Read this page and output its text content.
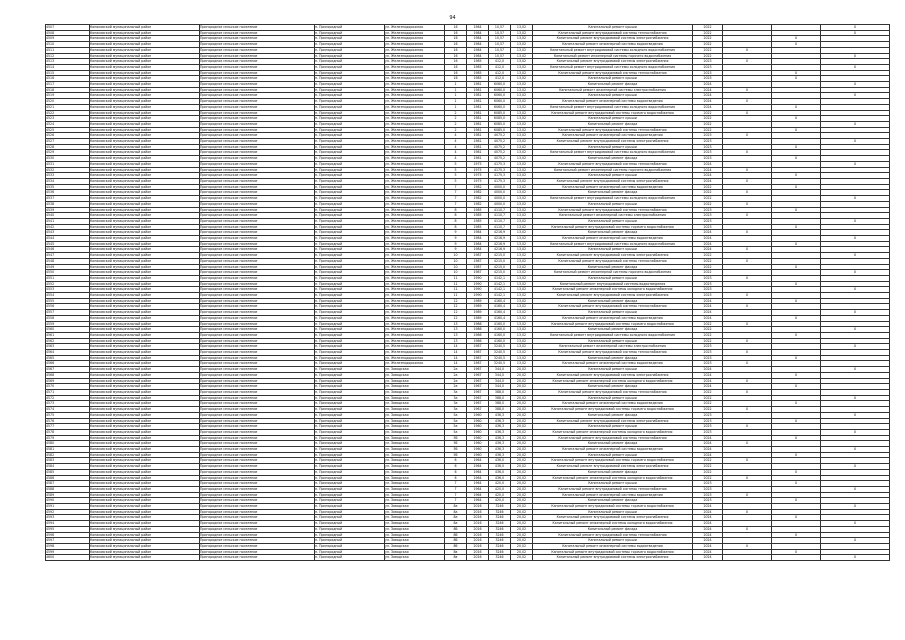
94
4507	Конаковский муниципальный район	Пригородное сельское поселение	п. Пригородный	ул. Железнодорожная	16	1984	10,57	13,02	Капитальный ремонт крыши	2022			X
4508	Конаковский муниципальный район	Пригородное сельское поселение	п. Пригородный	ул. Железнодорожная	16	1984	10,57	13,02	Капитальный ремонт внутридомовой системы теплоснабжения	2022			X
4509	Конаковский муниципальный район	Пригородное сельское поселение	п. Пригородный	ул. Железнодорожная	16	1984	10,57	13,02	Капитальный ремонт внутридомовой системы электроснабжения	2022		X	
4510	Конаковский муниципальный район	Пригородное сельское поселение	п. Пригородный	ул. Железнодорожная	16	1984	10,57	13,02	Капитальный ремонт инженерной системы водоотведения	2022		X	
4511	Конаковский муниципальный район	Пригородное сельское поселение	п. Пригородный	ул. Железнодорожная	16	1984	10,57	13,02	Капитальный ремонт внутридомовой системы холодного водоснабжения	2022	X		
4512	Конаковский муниципальный район	Пригородное сельское поселение	п. Пригородный	ул. Железнодорожная	16	1984	10,57	13,02	Капитальный ремонт инженерной системы горячего водоснабжения	2022			X
4513	Конаковский муниципальный район	Пригородное сельское поселение	п. Пригородный	ул. Железнодорожная	16	1985	412,0	13,02	Капитальный ремонт внутридомовой системы электроснабжения	2023	X		
4514	Конаковский муниципальный район	Пригородное сельское поселение	п. Пригородный	ул. Железнодорожная	16	1985	412,0	13,02	Капитальный ремонт внутридомовой системы холодного водоснабжения	2023			X
4515	Конаковский муниципальный район	Пригородное сельское поселение	п. Пригородный	ул. Железнодорожная	16	1985	412,0	13,02	Капитальный ремонт внутридомовой системы теплоснабжения	2023		X	
4516	Конаковский муниципальный район	Пригородное сельское поселение	п. Пригородный	ул. Железнодорожная	16	1985	412,0	13,02	Капитальный ремонт крыши	2023		X	
4517	Конаковский муниципальный район	Пригородное сельское поселение	п. Пригородный	ул. Железнодорожная	1	1981	6060,0	13,02	Капитальный ремонт фасада	2024			X
4518	Конаковский муниципальный район	Пригородное сельское поселение	п. Пригородный	ул. Железнодорожная	1	1981	6060,0	13,02	Капитальный ремонт инженерной системы электроснабжения	2024	X		
4519	Конаковский муниципальный район	Пригородное сельское поселение	п. Пригородный	ул. Железнодорожная	1	1981	6060,0	13,02	Капитальный ремонт крыши	2024			X
4520	Конаковский муниципальный район	Пригородное сельское поселение	п. Пригородный	ул. Железнодорожная	1	1981	6060,0	13,02	Капитальный ремонт инженерной системы водоотведения	2024	X		
4521	Конаковский муниципальный район	Пригородное сельское поселение	п. Пригородный	ул. Железнодорожная	1	1981	6060,0	13,02	Капитальный ремонт внутридомовой системы холодного водоснабжения	2024		X	
4522	Конаковский муниципальный район	Пригородное сельское поселение	п. Пригородный	ул. Железнодорожная	2	1981	6085,0	13,02	Капитальный ремонт внутридомовой системы горячего водоснабжения	2022	X		
4523	Конаковский муниципальный район	Пригородное сельское поселение	п. Пригородный	ул. Железнодорожная	2	1981	6085,0	13,02	Капитальный ремонт крыши	2022		X	
4524	Конаковский муниципальный район	Пригородное сельское поселение	п. Пригородный	ул. Железнодорожная	2	1981	6085,0	13,02	Капитальный ремонт фасада	2022			X
4525	Конаковский муниципальный район	Пригородное сельское поселение	п. Пригородный	ул. Железнодорожная	2	1981	6085,0	13,02	Капитальный ремонт внутридомовой системы теплоснабжения	2022		X	
4526	Конаковский муниципальный район	Пригородное сельское поселение	п. Пригородный	ул. Железнодорожная	4	1981	4075,2	13,02	Капитальный ремонт инженерной системы водоотведения	2023	X		
4527	Конаковский муниципальный район	Пригородное сельское поселение	п. Пригородный	ул. Железнодорожная	4	1981	4075,2	13,02	Капитальный ремонт внутридомовой системы электроснабжения	2023			X
4528	Конаковский муниципальный район	Пригородное сельское поселение	п. Пригородный	ул. Железнодорожная	4	1981	4075,2	13,02	Капитальный ремонт крыши	2023		X	
4529	Конаковский муниципальный район	Пригородное сельское поселение	п. Пригородный	ул. Железнодорожная	4	1981	4075,2	13,02	Капитальный ремонт внутридомовой системы холодного водоснабжения	2023	X		
4530	Конаковский муниципальный район	Пригородное сельское поселение	п. Пригородный	ул. Железнодорожная	4	1981	4075,2	13,02	Капитальный ремонт фасада	2023		X	
4531	Конаковский муниципальный район	Пригородное сельское поселение	п. Пригородный	ул. Железнодорожная	5	1975	4175,3	13,02	Капитальный ремонт внутридомовой системы теплоснабжения	2024			X
4532	Конаковский муниципальный район	Пригородное сельское поселение	п. Пригородный	ул. Железнодорожная	5	1975	4175,3	13,02	Капитальный ремонт инженерной системы горячего водоснабжения	2024	X		
4533	Конаковский муниципальный район	Пригородное сельское поселение	п. Пригородный	ул. Железнодорожная	5	1975	4175,3	13,02	Капитальный ремонт крыши	2024		X	
4534	Конаковский муниципальный район	Пригородное сельское поселение	п. Пригородный	ул. Железнодорожная	5	1975	4175,3	13,02	Капитальный ремонт внутридомовой системы электроснабжения	2024	X		
4535	Конаковский муниципальный район	Пригородное сельское поселение	п. Пригородный	ул. Железнодорожная	7	1982	4000,0	13,02	Капитальный ремонт инженерной системы водоотведения	2022		X	
4536	Конаковский муниципальный район	Пригородное сельское поселение	п. Пригородный	ул. Железнодорожная	7	1982	4000,0	13,02	Капитальный ремонт фасада	2022	X		
4537	Конаковский муниципальный район	Пригородное сельское поселение	п. Пригородный	ул. Железнодорожная	7	1982	4000,0	13,02	Капитальный ремонт внутридомовой системы холодного водоснабжения	2022			X
4538	Конаковский муниципальный район	Пригородное сельское поселение	п. Пригородный	ул. Железнодорожная	7	1982	4000,0	13,02	Капитальный ремонт крыши	2022	X		
4539	Конаковский муниципальный район	Пригородное сельское поселение	п. Пригородный	ул. Железнодорожная	8	1985	4110,7	13,02	Капитальный ремонт внутридомовой системы теплоснабжения	2023		X	
4540	Конаковский муниципальный район	Пригородное сельское поселение	п. Пригородный	ул. Железнодорожная	8	1985	4110,7	13,02	Капитальный ремонт инженерной системы электроснабжения	2023	X		
4541	Конаковский муниципальный район	Пригородное сельское поселение	п. Пригородный	ул. Железнодорожная	8	1985	4110,7	13,02	Капитальный ремонт крыши	2023			X
4542	Конаковский муниципальный район	Пригородное сельское поселение	п. Пригородный	ул. Железнодорожная	8	1985	4110,7	13,02	Капитальный ремонт внутридомовой системы горячего водоснабжения	2023		X	
4543	Конаковский муниципальный район	Пригородное сельское поселение	п. Пригородный	ул. Железнодорожная	9	1984	4216,9	13,02	Капитальный ремонт фасада	2024	X		
4544	Конаковский муниципальный район	Пригородное сельское поселение	п. Пригородный	ул. Железнодорожная	9	1984	4216,9	13,02	Капитальный ремонт инженерной системы водоотведения	2024			X
4545	Конаковский муниципальный район	Пригородное сельское поселение	п. Пригородный	ул. Железнодорожная	9	1984	4216,9	13,02	Капитальный ремонт внутридомовой системы холодного водоснабжения	2024		X	
4546	Конаковский муниципальный район	Пригородное сельское поселение	п. Пригородный	ул. Железнодорожная	9	1984	4216,9	13,02	Капитальный ремонт крыши	2024	X		
4547	Конаковский муниципальный район	Пригородное сельское поселение	п. Пригородный	ул. Железнодорожная	10	1987	4215,0	13,02	Капитальный ремонт внутридомовой системы электроснабжения	2022			X
4548	Конаковский муниципальный район	Пригородное сельское поселение	п. Пригородный	ул. Железнодорожная	10	1987	4215,0	13,02	Капитальный ремонт внутридомовой системы теплоснабжения	2022	X		
4549	Конаковский муниципальный район	Пригородное сельское поселение	п. Пригородный	ул. Железнодорожная	10	1987	4215,0	13,02	Капитальный ремонт фасада	2022		X	
4550	Конаковский муниципальный район	Пригородное сельское поселение	п. Пригородный	ул. Железнодорожная	10	1987	4215,0	13,02	Капитальный ремонт инженерной системы горячего водоснабжения	2022			X
4551	Конаковский муниципальный район	Пригородное сельское поселение	п. Пригородный	ул. Железнодорожная	11	1990	4142,1	13,02	Капитальный ремонт крыши	2023	X		
4552	Конаковский муниципальный район	Пригородное сельское поселение	п. Пригородный	ул. Железнодорожная	11	1990	4142,1	13,02	Капитальный ремонт внутридомовой системы водоотведения	2023		X	
4553	Конаковский муниципальный район	Пригородное сельское поселение	п. Пригородный	ул. Железнодорожная	11	1990	4142,1	13,02	Капитальный ремонт инженерной системы холодного водоснабжения	2023			X
4554	Конаковский муниципальный район	Пригородное сельское поселение	п. Пригородный	ул. Железнодорожная	11	1990	4142,1	13,02	Капитальный ремонт внутридомовой системы электроснабжения	2023	X		
4555	Конаковский муниципальный район	Пригородное сельское поселение	п. Пригородный	ул. Железнодорожная	12	1989	4160,4	13,02	Капитальный ремонт фасада	2024		X	
4556	Конаковский муниципальный район	Пригородное сельское поселение	п. Пригородный	ул. Железнодорожная	12	1989	4160,4	13,02	Капитальный ремонт внутридомовой системы теплоснабжения	2024	X		
4557	Конаковский муниципальный район	Пригородное сельское поселение	п. Пригородный	ул. Железнодорожная	12	1989	4160,4	13,02	Капитальный ремонт крыши	2024			X
4558	Конаковский муниципальный район	Пригородное сельское поселение	п. Пригородный	ул. Железнодорожная	12	1989	4160,4	13,02	Капитальный ремонт инженерной системы водоотведения	2024		X	
4559	Конаковский муниципальный район	Пригородное сельское поселение	п. Пригородный	ул. Железнодорожная	13	1986	4160,0	13,02	Капитальный ремонт внутридомовой системы горячего водоснабжения	2022	X		
4560	Конаковский муниципальный район	Пригородное сельское поселение	п. Пригородный	ул. Железнодорожная	13	1986	4160,0	13,02	Капитальный ремонт фасада	2022			X
4561	Конаковский муниципальный район	Пригородное сельское поселение	п. Пригородный	ул. Железнодорожная	13	1986	4160,0	13,02	Капитальный ремонт внутридомовой системы холодного водоснабжения	2022		X	
4562	Конаковский муниципальный район	Пригородное сельское поселение	п. Пригородный	ул. Железнодорожная	13	1986	4160,0	13,02	Капитальный ремонт крыши	2022	X		
4563	Конаковский муниципальный район	Пригородное сельское поселение	п. Пригородный	ул. Железнодорожная	14	1987	3240,5	13,02	Капитальный ремонт инженерной системы электроснабжения	2023			X
4564	Конаковский муниципальный район	Пригородное сельское поселение	п. Пригородный	ул. Железнодорожная	14	1987	3240,5	13,02	Капитальный ремонт внутридомовой системы теплоснабжения	2023	X		
4565	Конаковский муниципальный район	Пригородное сельское поселение	п. Пригородный	ул. Железнодорожная	14	1987	3240,5	13,02	Капитальный ремонт фасада	2023		X	
4566	Конаковский муниципальный район	Пригородное сельское поселение	п. Пригородный	ул. Железнодорожная	14	1987	3240,5	13,02	Капитальный ремонт инженерной системы водоотведения	2023	X		
4567	Конаковский муниципальный район	Пригородное сельское поселение	п. Пригородный	ул. Заводская	2а	1967	344,0	20,02	Капитальный ремонт крыши	2024			X
4568	Конаковский муниципальный район	Пригородное сельское поселение	п. Пригородный	ул. Заводская	2а	1967	344,0	20,02	Капитальный ремонт внутридомовой системы электроснабжения	2024		X	
4569	Конаковский муниципальный район	Пригородное сельское поселение	п. Пригородный	ул. Заводская	2а	1967	344,0	20,02	Капитальный ремонт инженерной системы холодного водоснабжения	2024	X		
4570	Конаковский муниципальный район	Пригородное сельское поселение	п. Пригородный	ул. Заводская	2а	1967	344,0	20,02	Капитальный ремонт фасада	2024		X	
4571	Конаковский муниципальный район	Пригородное сельское поселение	п. Пригородный	ул. Заводская	3а	1967	388,0	20,02	Капитальный ремонт внутридомовой системы теплоснабжения	2022	X		
4572	Конаковский муниципальный район	Пригородное сельское поселение	п. Пригородный	ул. Заводская	3а	1967	388,0	20,02	Капитальный ремонт крыши	2022			X
4573	Конаковский муниципальный район	Пригородное сельское поселение	п. Пригородный	ул. Заводская	3а	1967	388,0	20,02	Капитальный ремонт инженерной системы водоотведения	2022		X	
4574	Конаковский муниципальный район	Пригородное сельское поселение	п. Пригородный	ул. Заводская	3а	1967	388,0	20,02	Капитальный ремонт внутридомовой системы горячего водоснабжения	2022	X		
4575	Конаковский муниципальный район	Пригородное сельское поселение	п. Пригородный	ул. Заводская	5а	1960	436,3	20,02	Капитальный ремонт фасада	2023			X
4576	Конаковский муниципальный район	Пригородное сельское поселение	п. Пригородный	ул. Заводская	5а	1960	436,3	20,02	Капитальный ремонт внутридомовой системы электроснабжения	2023		X	
4577	Конаковский муниципальный район	Пригородное сельское поселение	п. Пригородный	ул. Заводская	5а	1960	436,3	20,02	Капитальный ремонт крыши	2023	X		
4578	Конаковский муниципальный район	Пригородное сельское поселение	п. Пригородный	ул. Заводская	5а	1960	436,3	20,02	Капитальный ремонт инженерной системы холодного водоснабжения	2023			X
4579	Конаковский муниципальный район	Пригородное сельское поселение	п. Пригородный	ул. Заводская	5б	1960	436,3	20,02	Капитальный ремонт внутридомовой системы теплоснабжения	2024		X	
4580	Конаковский муниципальный район	Пригородное сельское поселение	п. Пригородный	ул. Заводская	5б	1960	436,3	20,02	Капитальный ремонт фасада	2024	X		
4581	Конаковский муниципальный район	Пригородное сельское поселение	п. Пригородный	ул. Заводская	5б	1960	436,3	20,02	Капитальный ремонт инженерной системы водоотведения	2024			X
4582	Конаковский муниципальный район	Пригородное сельское поселение	п. Пригородный	ул. Заводская	5б	1960	436,3	20,02	Капитальный ремонт крыши	2024		X	
4583	Конаковский муниципальный район	Пригородное сельское поселение	п. Пригородный	ул. Заводская	6	1964	436,0	20,02	Капитальный ремонт внутридомовой системы горячего водоснабжения	2022	X		
4584	Конаковский муниципальный район	Пригородное сельское поселение	п. Пригородный	ул. Заводская	6	1964	436,0	20,02	Капитальный ремонт внутридомовой системы электроснабжения	2022			X
4585	Конаковский муниципальный район	Пригородное сельское поселение	п. Пригородный	ул. Заводская	6	1964	436,0	20,02	Капитальный ремонт фасада	2022		X	
4586	Конаковский муниципальный район	Пригородное сельское поселение	п. Пригородный	ул. Заводская	6	1964	436,0	20,02	Капитальный ремонт инженерной системы холодного водоснабжения	2022	X		
4587	Конаковский муниципальный район	Пригородное сельское поселение	п. Пригородный	ул. Заводская	7	1964	420,0	20,02	Капитальный ремонт крыши	2023		X	
4588	Конаковский муниципальный район	Пригородное сельское поселение	п. Пригородный	ул. Заводская	7	1964	420,0	20,02	Капитальный ремонт внутридомовой системы теплоснабжения	2023			X
4589	Конаковский муниципальный район	Пригородное сельское поселение	п. Пригородный	ул. Заводская	7	1964	420,0	20,02	Капитальный ремонт инженерной системы водоотведения	2023	X		
4590	Конаковский муниципальный район	Пригородное сельское поселение	п. Пригородный	ул. Заводская	7	1964	420,0	20,02	Капитальный ремонт фасада	2023		X	
4591	Конаковский муниципальный район	Пригородное сельское поселение	п. Пригородный	ул. Заводская	8а	2016	3246	20,02	Капитальный ремонт внутридомовой системы горячего водоснабжения	2024			X
4592	Конаковский муниципальный район	Пригородное сельское поселение	п. Пригородный	ул. Заводская	8а	2016	3246	20,02	Капитальный ремонт крыши	2024	X		
4593	Конаковский муниципальный район	Пригородное сельское поселение	п. Пригородный	ул. Заводская	8а	2016	3246	20,02	Капитальный ремонт внутридомовой системы электроснабжения	2024		X	
4594	Конаковский муниципальный район	Пригородное сельское поселение	п. Пригородный	ул. Заводская	8а	2016	3246	20,02	Капитальный ремонт инженерной системы холодного водоснабжения	2024			X
4595	Конаковский муниципальный район	Пригородное сельское поселение	п. Пригородный	ул. Заводская	8б	2016	3246	20,02	Капитальный ремонт фасада	2024	X		
4596	Конаковский муниципальный район	Пригородное сельское поселение	п. Пригородный	ул. Заводская	8б	2016	3246	20,02	Капитальный ремонт внутридомовой системы теплоснабжения	2024		X	
4597	Конаковский муниципальный район	Пригородное сельское поселение	п. Пригородный	ул. Заводская	8б	2016	3246	20,02	Капитальный ремонт крыши	2024			X
4598	Конаковский муниципальный район	Пригородное сельское поселение	п. Пригородный	ул. Заводская	8б	2016	3246	20,02	Капитальный ремонт инженерной системы водоотведения	2024	X		
4599	Конаковский муниципальный район	Пригородное сельское поселение	п. Пригородный	ул. Заводская	8в	2016	3246	20,02	Капитальный ремонт внутридомовой системы горячего водоснабжения	2024		X	
4600	Конаковский муниципальный район	Пригородное сельское поселение	п. Пригородный	ул. Заводская	8в	2016	3246	20,02	Капитальный ремонт внутридомовой системы электроснабжения	2024			X
